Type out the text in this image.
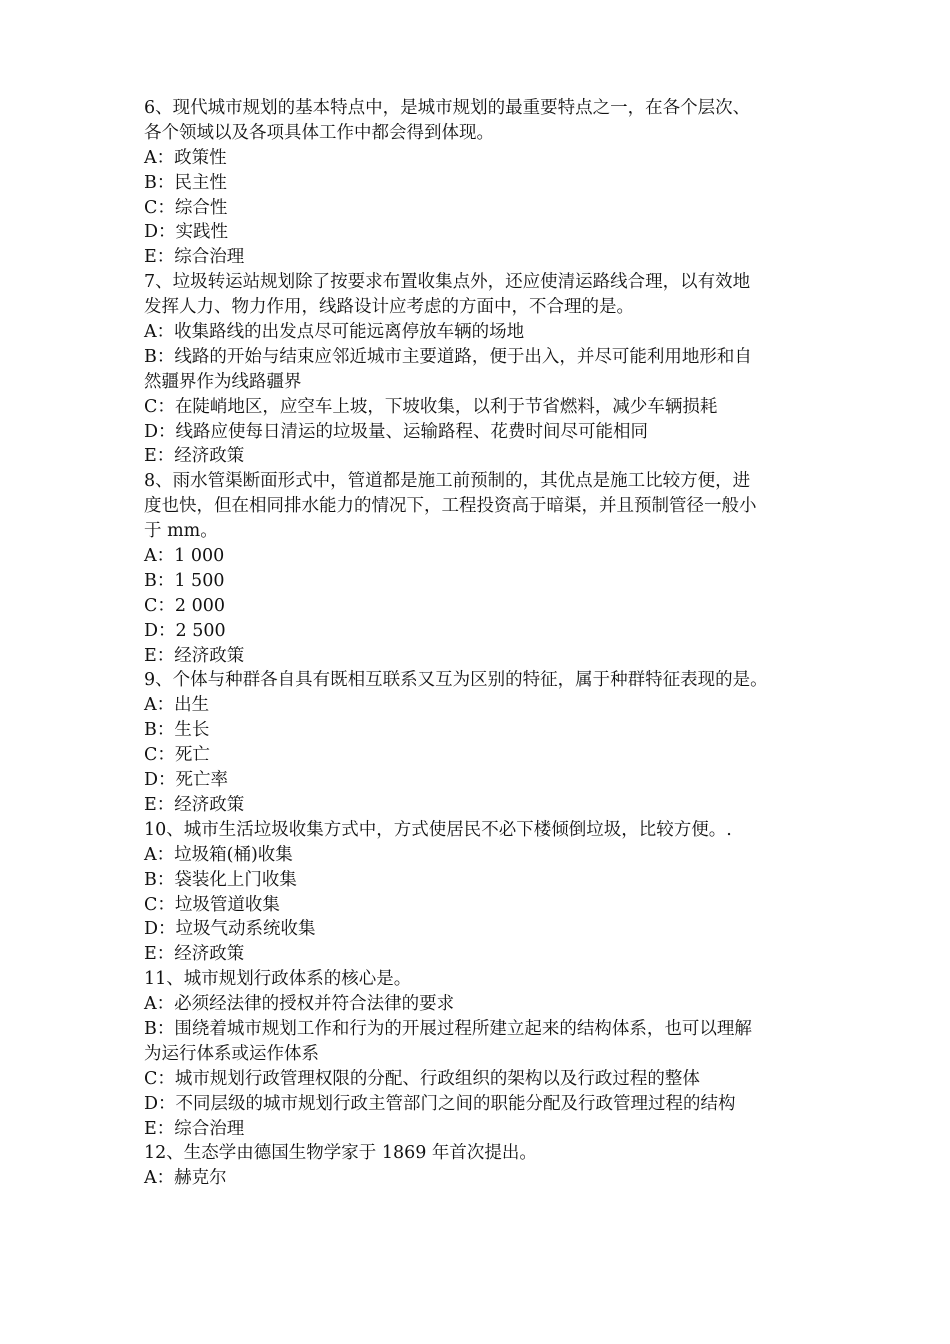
6、现代城市规划的基本特点中，是城市规划的最重要特点之一，在各个层次、
各个领域以及各项具体工作中都会得到体现。
A：政策性
B：民主性
C：综合性
D：实践性
E：综合治理
7、垃圾转运站规划除了按要求布置收集点外，还应使清运路线合理，以有效地
发挥人力、物力作用，线路设计应考虑的方面中，不合理的是。
A：收集路线的出发点尽可能远离停放车辆的场地
B：线路的开始与结束应邻近城市主要道路，便于出入，并尽可能利用地形和自
然疆界作为线路疆界
C：在陡峭地区，应空车上坡，下坡收集，以利于节省燃料，减少车辆损耗
D：线路应使每日清运的垃圾量、运输路程、花费时间尽可能相同
E：经济政策
8、雨水管渠断面形式中，管道都是施工前预制的，其优点是施工比较方便，进
度也快，但在相同排水能力的情况下，工程投资高于暗渠，并且预制管径一般小
于 mm。
A：1 000
B：1 500
C：2 000
D：2 500
E：经济政策
9、个体与种群各自具有既相互联系又互为区别的特征，属于种群特征表现的是。
A：出生
B：生长
C：死亡
D：死亡率
E：经济政策
10、城市生活垃圾收集方式中，方式使居民不必下楼倾倒垃圾，比较方便。.
A：垃圾箱(桶)收集
B：袋装化上门收集
C：垃圾管道收集
D：垃圾气动系统收集
E：经济政策
11、城市规划行政体系的核心是。
A：必须经法律的授权并符合法律的要求
B：围绕着城市规划工作和行为的开展过程所建立起来的结构体系，也可以理解
为运行体系或运作体系
C：城市规划行政管理权限的分配、行政组织的架构以及行政过程的整体
D：不同层级的城市规划行政主管部门之间的职能分配及行政管理过程的结构
E：综合治理
12、生态学由德国生物学家于 1869 年首次提出。
A：赫克尔
